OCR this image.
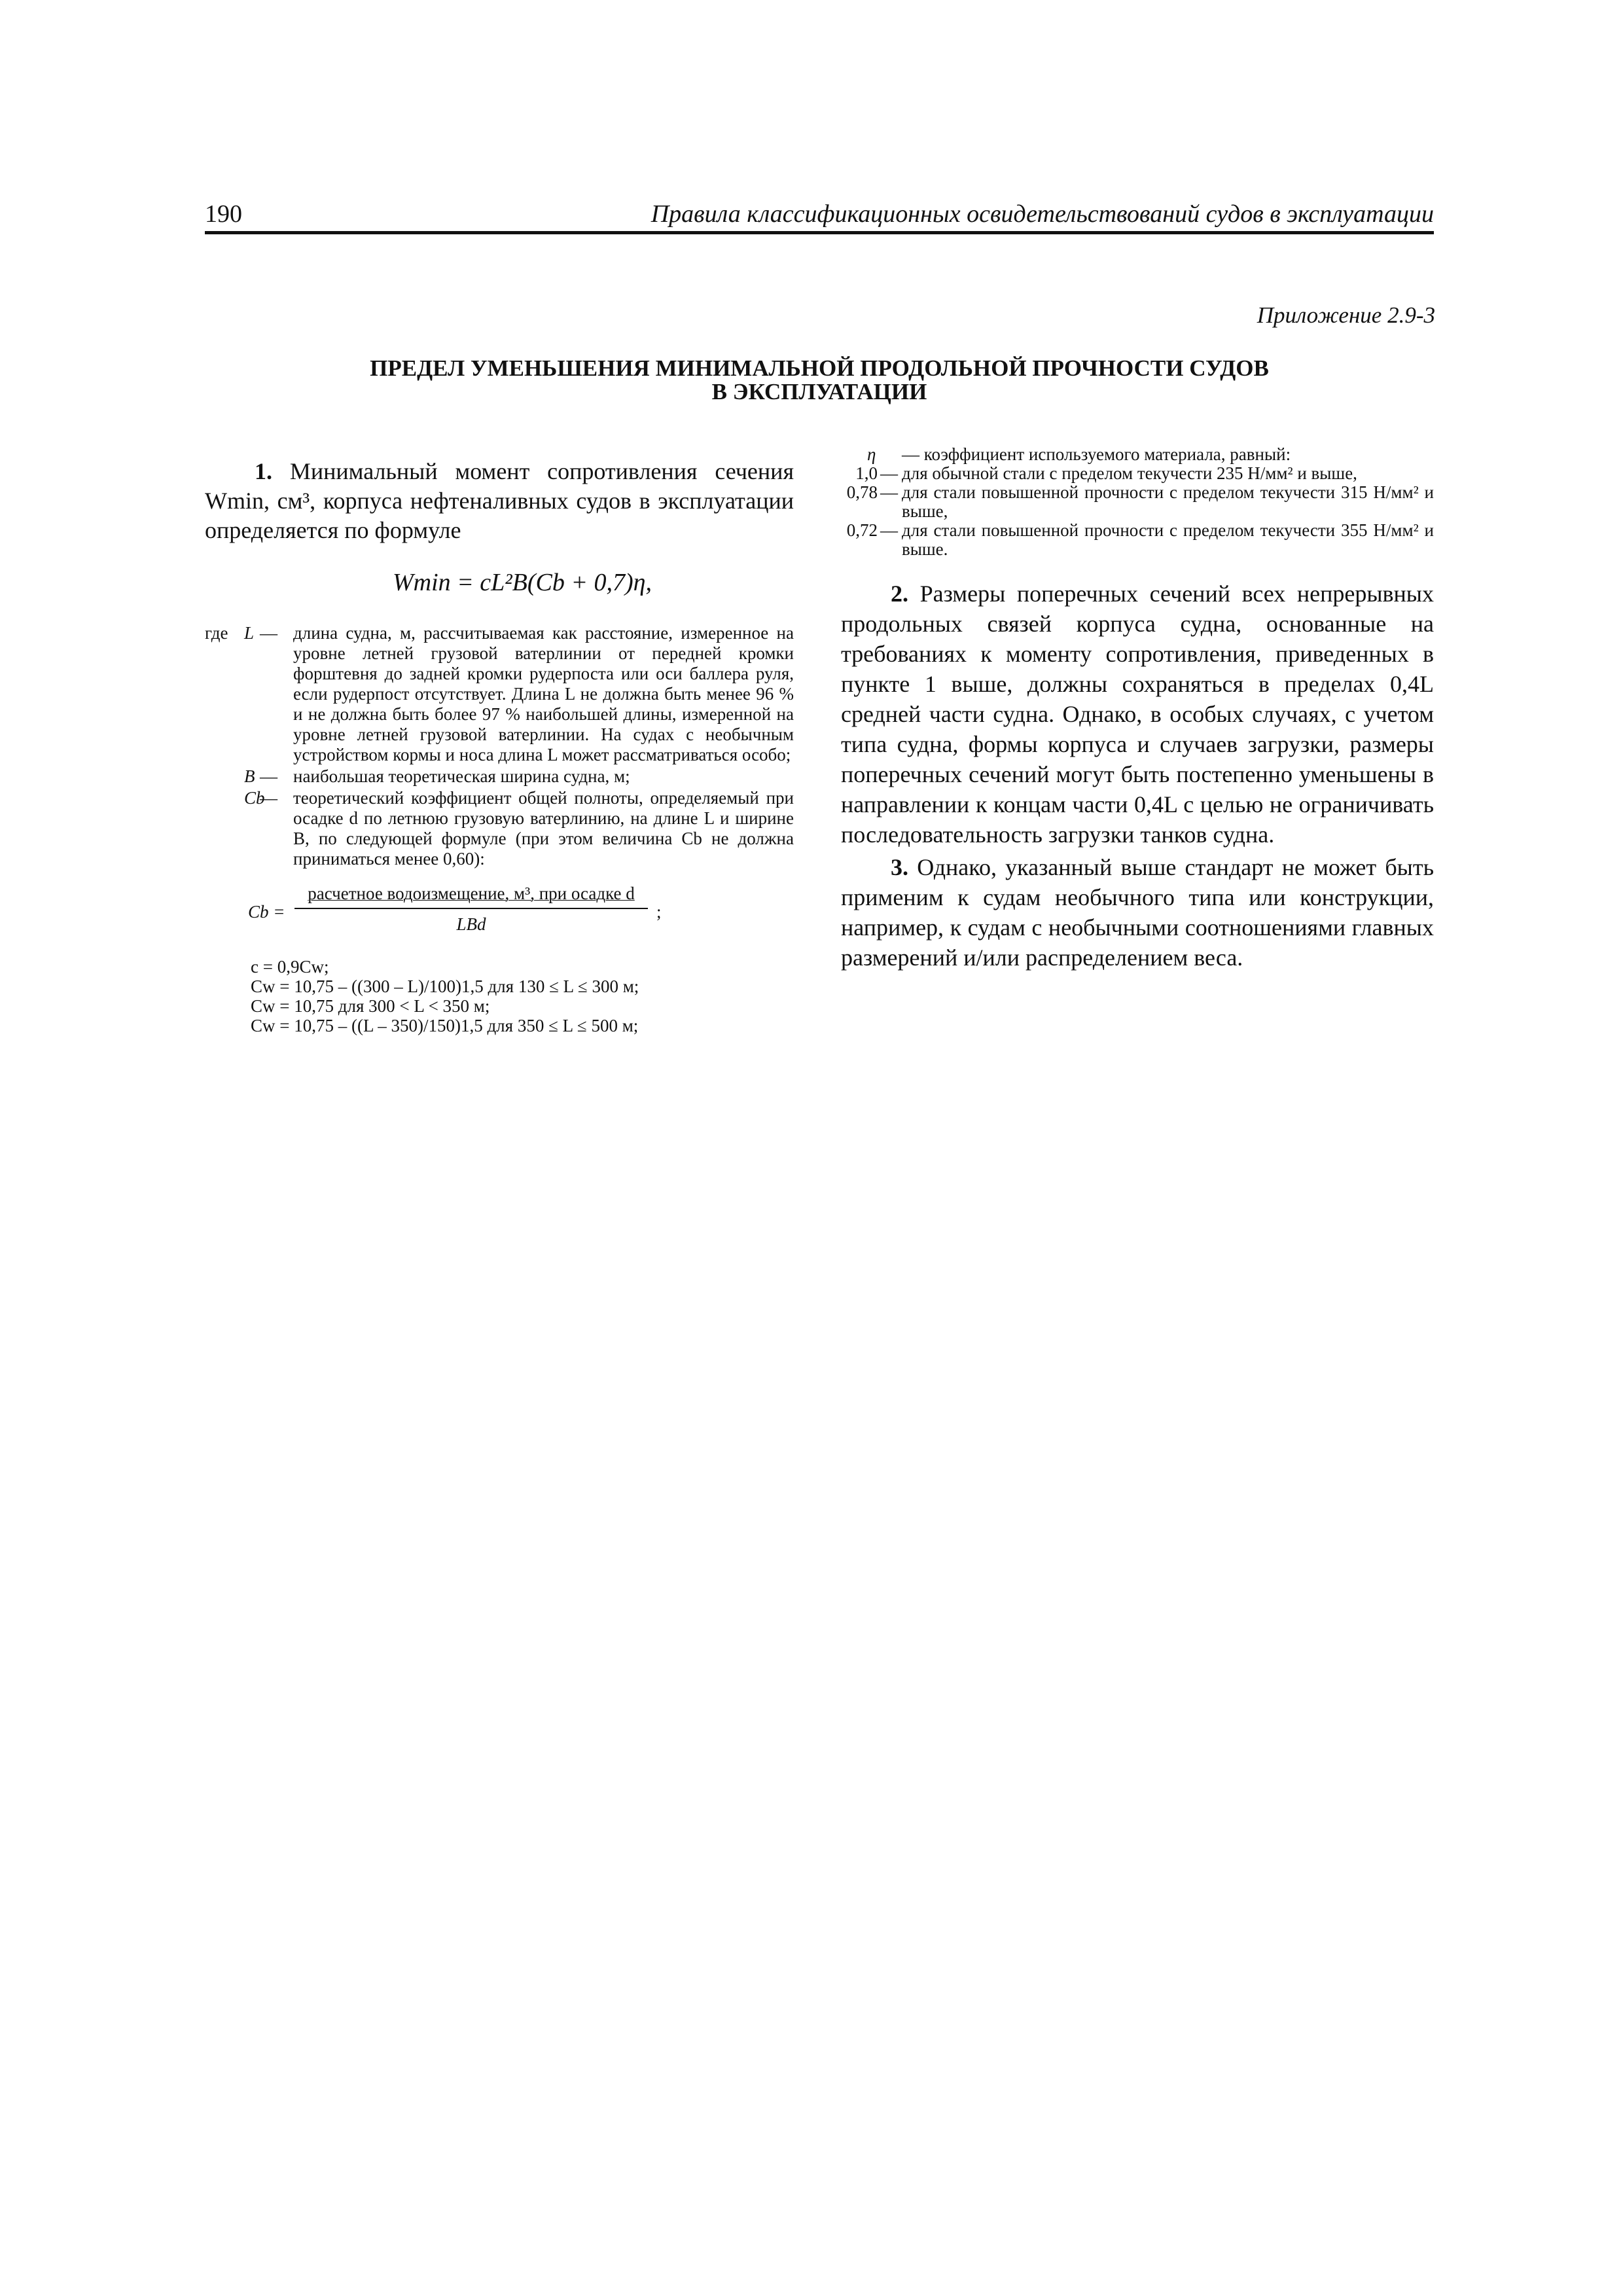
190	Правила классификационных освидетельствований судов в эксплуатации
Приложение 2.9-3
ПРЕДЕЛ УМЕНЬШЕНИЯ МИНИМАЛЬНОЙ ПРОДОЛЬНОЙ ПРОЧНОСТИ СУДОВ
В ЭКСПЛУАТАЦИИ

1. Минимальный момент сопротивления сечения Wmin, см³, корпуса нефтеналивных судов в эксплуатации определяется по формуле

Wmin = cL²B(Cb + 0,7)η,
где L — длина судна, м, рассчитываемая как расстояние, измеренное на уровне летней грузовой ватерлинии от передней кромки форштевня до задней кромки рудерпоста или оси баллера руля, если рудерпост отсутствует. Длина L не должна быть менее 96 % и не должна быть более 97 % наибольшей длины, измеренной на уровне летней грузовой ватерлинии. На судах с необычным устройством кормы и носа длина L может рассматриваться особо;
B — наибольшая теоретическая ширина судна, м;
Cb
— теоретический коэффициент общей полноты, определяемый при осадке d по летнюю грузовую ватерлинию, на длине L и ширине B, по следующей формуле (при этом величина Cb не должна приниматься менее 0,60):
Cb =
расчетное водоизмещение, м³, при осадке d
LBd
;
c = 0,9Cw;
Cw = 10,75 – ((300 – L)/100)1,5 для 130 ≤ L ≤ 300 м;
Cw = 10,75 для 300 < L < 350 м;
Cw = 10,75 – ((L – 350)/150)1,5 для 350 ≤ L ≤ 500 м;
η — коэффициент используемого материала, равный:
1,0 — для обычной стали с пределом текучести 235 Н/мм² и выше,
0,78 — для стали повышенной прочности с пределом текучести 315 Н/мм² и выше,
0,72 — для стали повышенной прочности с пределом текучести 355 Н/мм² и выше.

2. Размеры поперечных сечений всех непрерывных продольных связей корпуса судна, основанные на требованиях к моменту сопротивления, приведенных в пункте 1 выше, должны сохраняться в пределах 0,4L средней части судна. Однако, в особых случаях, с учетом типа судна, формы корпуса и случаев загрузки, размеры поперечных сечений могут быть постепенно уменьшены в направлении к концам части 0,4L с целью не ограничивать последовательность загрузки танков судна.

3. Однако, указанный выше стандарт не может быть применим к судам необычного типа или конструкции, например, к судам с необычными соотношениями главных размерений и/или распределением веса.
